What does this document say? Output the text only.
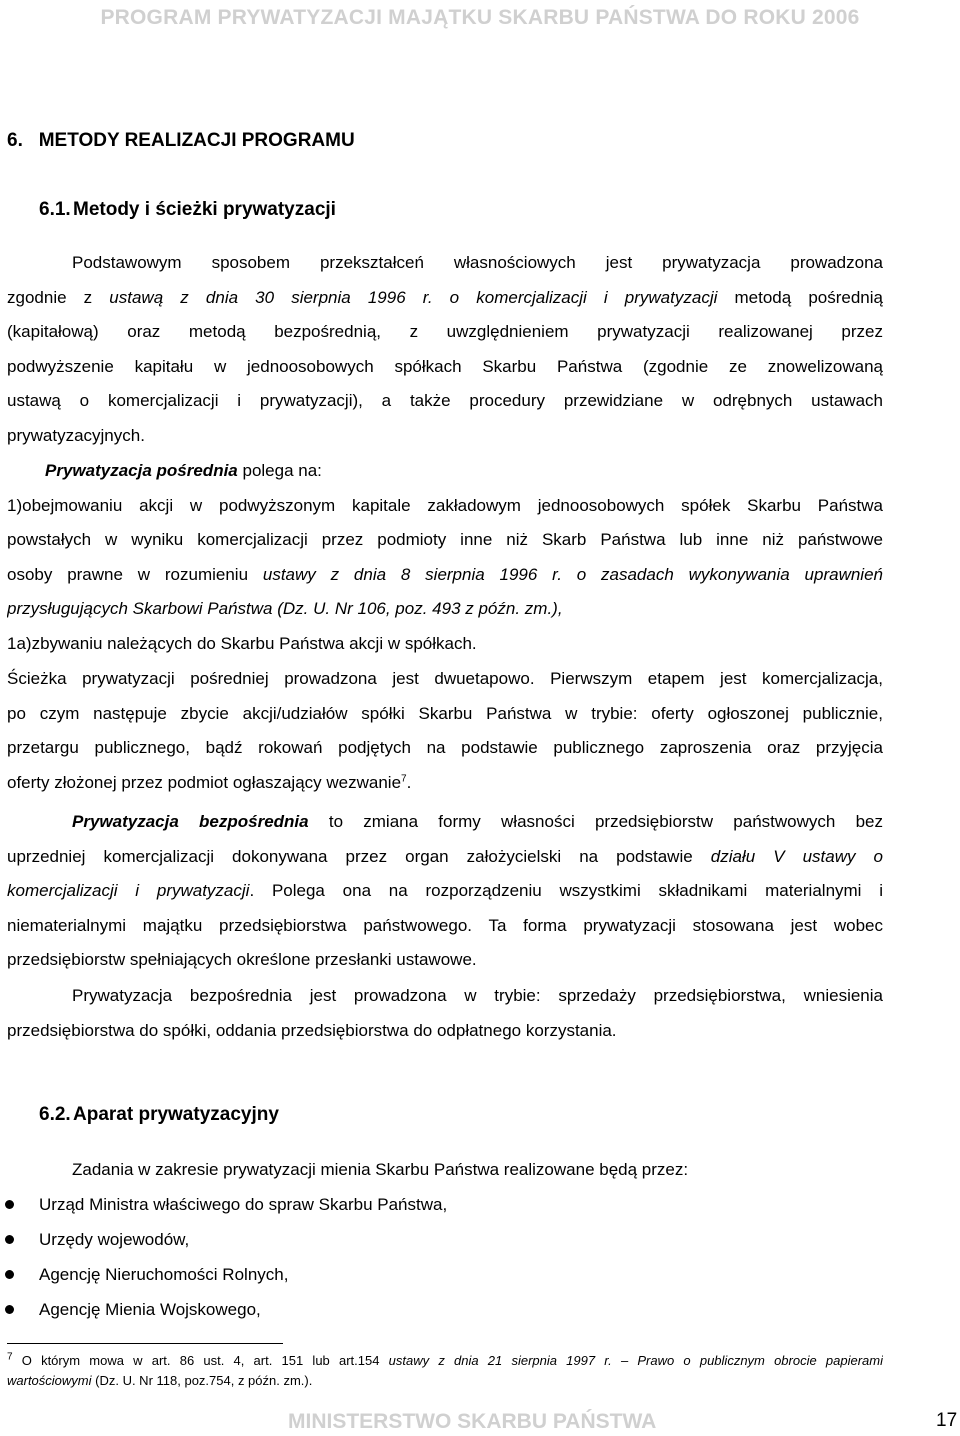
PROGRAM PRYWATYZACJI MAJĄTKU SKARBU PAŃSTWA DO ROKU 2006
6. METODY REALIZACJI PROGRAMU
6.1. Metody i ścieżki prywatyzacji
Podstawowym sposobem przekształceń własnościowych jest prywatyzacja prowadzona
zgodnie z ustawą z dnia 30 sierpnia 1996 r. o komercjalizacji i prywatyzacji metodą pośrednią
(kapitałową) oraz metodą bezpośrednią, z uwzględnieniem prywatyzacji realizowanej przez
podwyższenie kapitału w jednoosobowych spółkach Skarbu Państwa (zgodnie ze znowelizowaną
ustawą o komercjalizacji i prywatyzacji), a także procedury przewidziane w odrębnych ustawach
prywatyzacyjnych.
Prywatyzacja pośrednia polega na:
1)obejmowaniu akcji w podwyższonym kapitale zakładowym jednoosobowych spółek Skarbu Państwa
powstałych w wyniku komercjalizacji przez podmioty inne niż Skarb Państwa lub inne niż państwowe
osoby prawne w rozumieniu ustawy z dnia 8 sierpnia 1996 r. o zasadach wykonywania uprawnień
przysługujących Skarbowi Państwa (Dz. U. Nr 106, poz. 493 z późn. zm.),
1a)zbywaniu należących do Skarbu Państwa akcji w spółkach.
Ścieżka prywatyzacji pośredniej prowadzona jest dwuetapowo. Pierwszym etapem jest komercjalizacja,
po czym następuje zbycie akcji/udziałów spółki Skarbu Państwa w trybie: oferty ogłoszonej publicznie,
przetargu publicznego, bądź rokowań podjętych na podstawie publicznego zaproszenia oraz przyjęcia
oferty złożonej przez podmiot ogłaszający wezwanie$^7$.
Prywatyzacja bezpośrednia to zmiana formy własności przedsiębiorstw państwowych bez
uprzedniej komercjalizacji dokonywana przez organ założycielski na podstawie działu V ustawy o
komercjalizacji i prywatyzacji. Polega ona na rozporządzeniu wszystkimi składnikami materialnymi i
niematerialnymi majątku przedsiębiorstwa państwowego. Ta forma prywatyzacji stosowana jest wobec
przedsiębiorstw spełniających określone przesłanki ustawowe.
Prywatyzacja bezpośrednia jest prowadzona w trybie: sprzedaży przedsiębiorstwa, wniesienia
przedsiębiorstwa do spółki, oddania przedsiębiorstwa do odpłatnego korzystania.
6.2. Aparat prywatyzacyjny
Zadania w zakresie prywatyzacji mienia Skarbu Państwa realizowane będą przez:
Urząd Ministra właściwego do spraw Skarbu Państwa,
Urzędy wojewodów,
Agencję Nieruchomości Rolnych,
Agencję Mienia Wojskowego,
$^7$ O którym mowa w art. 86 ust. 4, art. 151 lub art.154 ustawy z dnia 21 sierpnia 1997 r. – Prawo o publicznym obrocie papierami
wartościowymi (Dz. U. Nr 118, poz.754, z późn. zm.).
MINISTERSTWO SKARBU PAŃSTWA	17
